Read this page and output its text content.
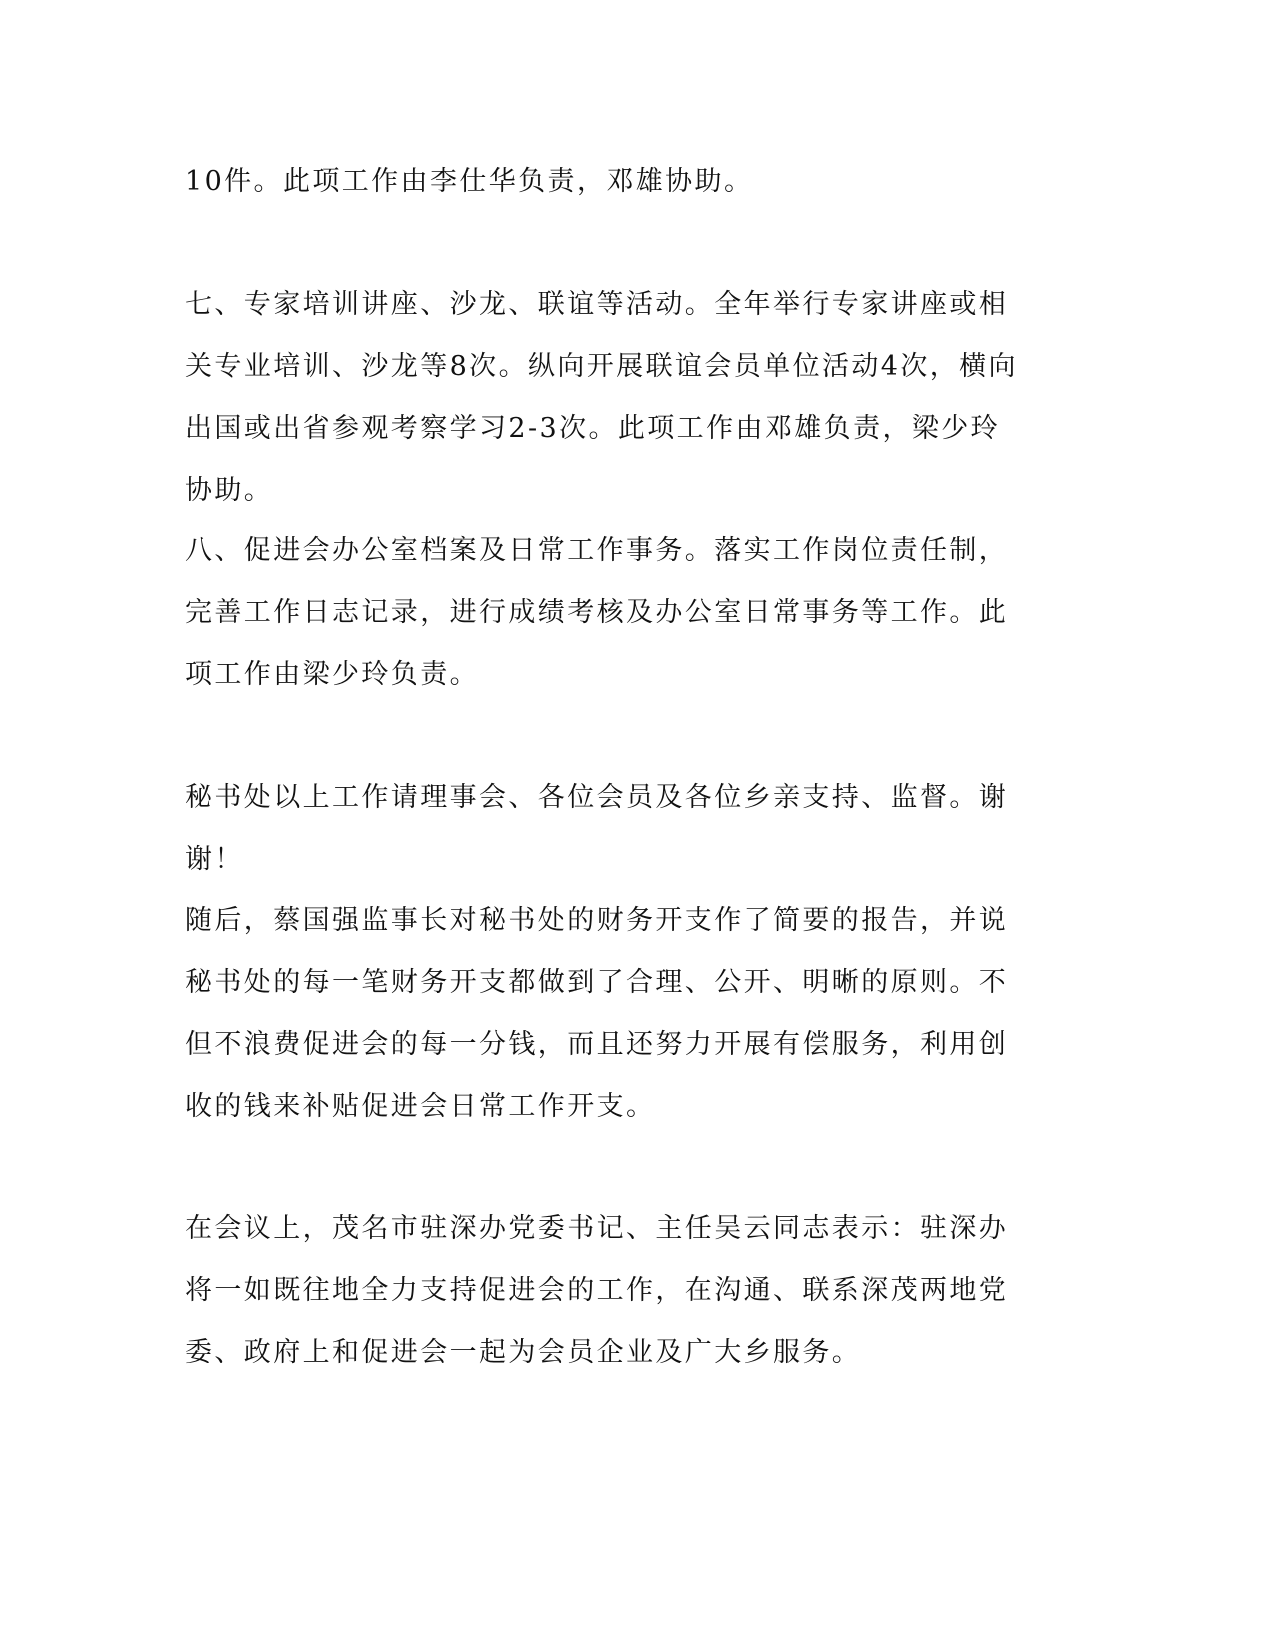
10件。此项工作由李仕华负责，邓雄协助。

七、专家培训讲座、沙龙、联谊等活动。全年举行专家讲座或相关专业培训、沙龙等8次。纵向开展联谊会员单位活动4次，横向出国或出省参观考察学习2-3次。此项工作由邓雄负责，梁少玲协助。

八、促进会办公室档案及日常工作事务。落实工作岗位责任制，完善工作日志记录，进行成绩考核及办公室日常事务等工作。此项工作由梁少玲负责。

秘书处以上工作请理事会、各位会员及各位乡亲支持、监督。谢谢！

随后，蔡国强监事长对秘书处的财务开支作了简要的报告，并说秘书处的每一笔财务开支都做到了合理、公开、明晰的原则。不但不浪费促进会的每一分钱，而且还努力开展有偿服务，利用创收的钱来补贴促进会日常工作开支。

在会议上，茂名市驻深办党委书记、主任吴云同志表示：驻深办将一如既往地全力支持促进会的工作，在沟通、联系深茂两地党委、政府上和促进会一起为会员企业及广大乡服务。
